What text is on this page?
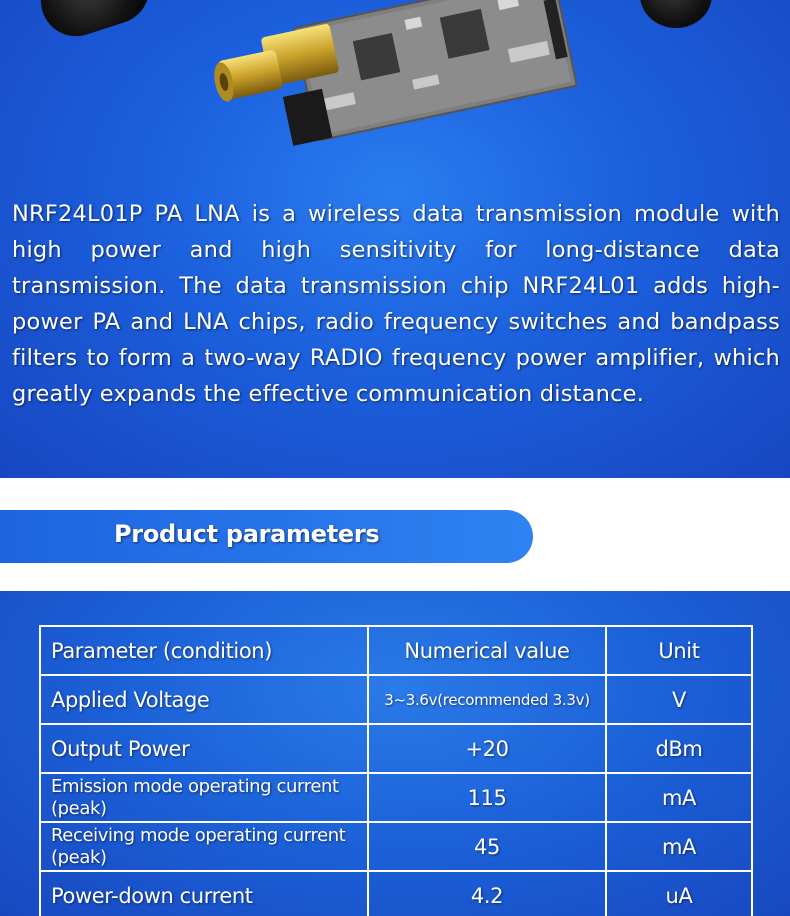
NRF24L01P PA LNA is a wireless data transmission module with high power and high sensitivity for long-distance data transmission. The data transmission chip NRF24L01 adds high-power PA and LNA chips, radio frequency switches and bandpass filters to form a two-way RADIO frequency power amplifier, which greatly expands the effective communication distance.

Product parameters
Parameter (condition)	Numerical value	Unit
Applied Voltage	3~3.6v(recommended 3.3v)	V
Output Power	+20	dBm
Emission mode operating current (peak)	115	mA
Receiving mode operating current (peak)	45	mA
Power-down current	4.2	uA
